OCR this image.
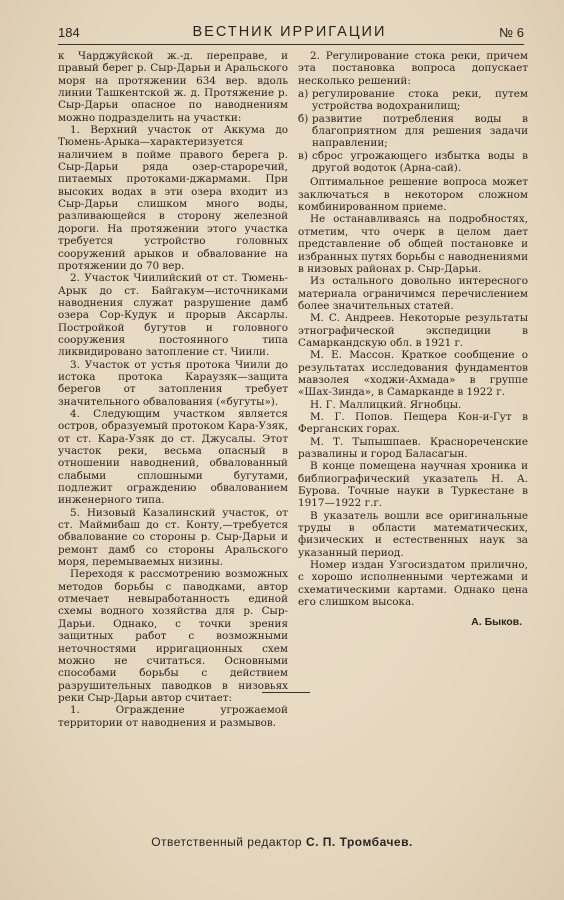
184	ВЕСТНИК ИРРИГАЦИИ	№ 6

к Чарджуйской ж.-д. переправе, и правый берег р. Сыр-Дарьи и Аральского моря на протяжении 634 вер. вдоль линии Ташкентской ж. д. Протяжение р. Сыр-Дарьи опасное по наводнениям можно подразделить на участки:

1. Верхний участок от Аккума до Тюмень-Арыка—характеризуется наличием в пойме правого берега р. Сыр-Дарьи ряда озер-староречий, питаемых протоками-джармами. При высоких водах в эти озера входит из Сыр-Дарьи слишком много воды, разливающейся в сторону железной дороги. На протяжении этого участка требуется устройство головных сооружений арыков и обвалование на протяжении до 70 вер.

2. Участок Чиилийский от ст. Тюмень-Арык до ст. Байгакум—источниками наводнения служат разрушение дамб озера Сор-Кудук и прорыв Аксарлы. Постройкой бугутов и головного сооружения постоянного типа ликвидировано затопление ст. Чиили.

3. Участок от устья протока Чиили до истока протока Караузяк—защита берегов от затопления требует значительного обвалования («бугуты»).

4. Следующим участком является остров, образуемый протоком Кара-Узяк, от ст. Кара-Узяк до ст. Джусалы. Этот участок реки, весьма опасный в отношении наводнений, обвалованный слабыми сплошными бугутами, подлежит ограждению обвалованием инженерного типа.

5. Низовый Казалинский участок, от ст. Маймибаш до ст. Конту,—требуется обвалование со стороны р. Сыр-Дарьи и ремонт дамб со стороны Аральского моря, перемываемых низины.

Переходя к рассмотрению возможных методов борьбы с паводками, автор отмечает невыработанность единой схемы водного хозяйства для р. Сыр-Дарьи. Однако, с точки зрения защитных работ с возможными неточностями ирригационных схем можно не считаться. Основными способами борьбы с действием разрушительных паводков в низовьях реки Сыр-Дарьи автор считает:

1. Ограждение угрожаемой территории от наводнения и размывов.

2. Регулирование стока реки, причем эта постановка вопроса допускает несколько решений:

а) регулирование стока реки, путем устройства водохранилищ;
б) развитие потребления воды в благоприятном для решения задачи направлении;
в) сброс угрожающего избытка воды в другой водоток (Арна-сай).

Оптимальное решение вопроса может заключаться в некотором сложном комбинированном приеме.

Не останавливаясь на подробностях, отметим, что очерк в целом дает представление об общей постановке и избранных путях борьбы с наводнениями в низовых районах р. Сыр-Дарьи.

Из остального довольно интересного материала ограничимся перечислением более значительных статей.

М. С. Андреев. Некоторые результаты этнографической экспедиции в Самаркандскую обл. в 1921 г.

М. Е. Массон. Краткое сообщение о результатах исследования фундаментов мавзолея «ходжи-Ахмада» в группе «Шах-Зинда», в Самарканде в 1922 г.

Н. Г. Маллицкий. Ягнобцы.

М. Г. Попов. Пещера Кон-и-Гут в Ферганских горах.

М. Т. Тыпышпаев. Краснореченские развалины и город Баласагын.

В конце помещена научная хроника и библиографический указатель Н. А. Бурова. Точные науки в Туркестане в 1917—1922 г.г.

В указатель вошли все оригинальные труды в области математических, физических и естественных наук за указанный период.

Номер издан Узгосиздатом прилично, с хорошо исполненными чертежами и схематическими картами. Однако цена его слишком высока.

А. Быков.
Ответственный редактор С. П. Тромбачев.
